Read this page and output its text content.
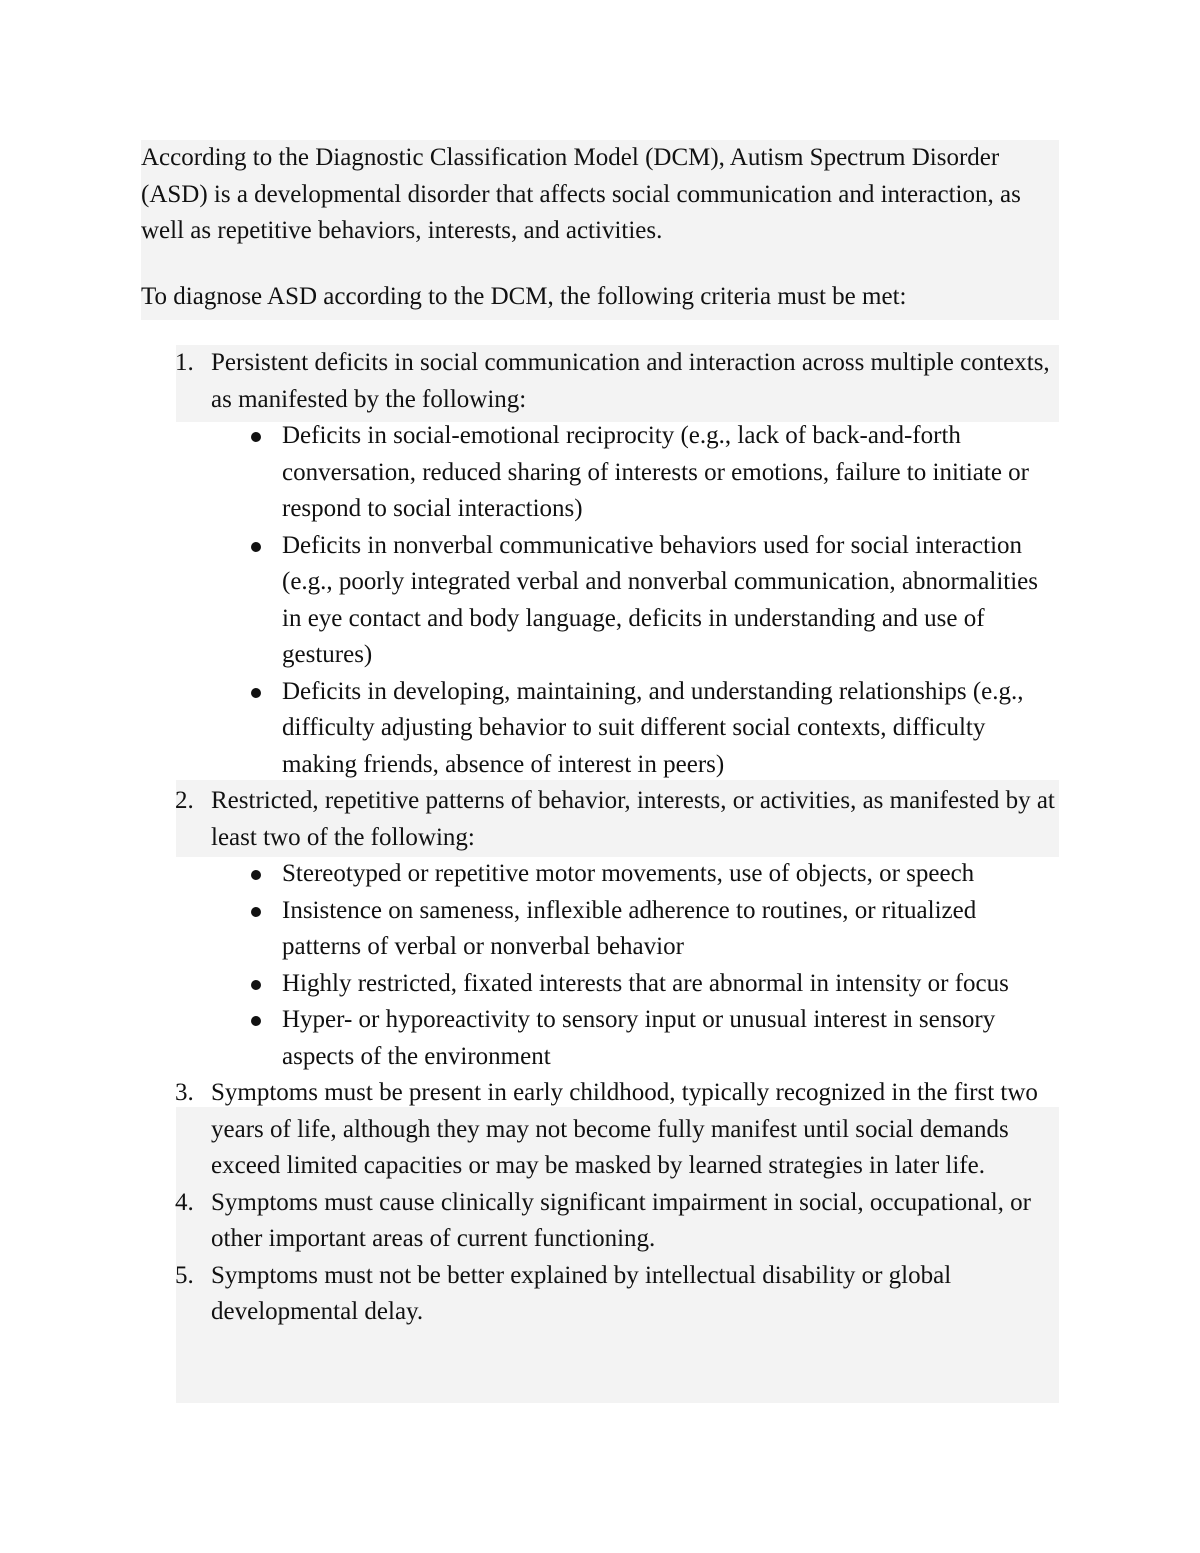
According to the Diagnostic Classification Model (DCM), Autism Spectrum Disorder (ASD) is a developmental disorder that affects social communication and interaction, as well as repetitive behaviors, interests, and activities.

To diagnose ASD according to the DCM, the following criteria must be met:

1. Persistent deficits in social communication and interaction across multiple contexts, as manifested by the following:
Deficits in social-emotional reciprocity (e.g., lack of back-and-forth conversation, reduced sharing of interests or emotions, failure to initiate or respond to social interactions)
Deficits in nonverbal communicative behaviors used for social interaction (e.g., poorly integrated verbal and nonverbal communication, abnormalities in eye contact and body language, deficits in understanding and use of gestures)
Deficits in developing, maintaining, and understanding relationships (e.g., difficulty adjusting behavior to suit different social contexts, difficulty making friends, absence of interest in peers)
2. Restricted, repetitive patterns of behavior, interests, or activities, as manifested by at least two of the following:
Stereotyped or repetitive motor movements, use of objects, or speech
Insistence on sameness, inflexible adherence to routines, or ritualized patterns of verbal or nonverbal behavior
Highly restricted, fixated interests that are abnormal in intensity or focus
Hyper- or hyporeactivity to sensory input or unusual interest in sensory aspects of the environment
3. Symptoms must be present in early childhood, typically recognized in the first two years of life, although they may not become fully manifest until social demands exceed limited capacities or may be masked by learned strategies in later life.
4. Symptoms must cause clinically significant impairment in social, occupational, or other important areas of current functioning.
5. Symptoms must not be better explained by intellectual disability or global developmental delay.
